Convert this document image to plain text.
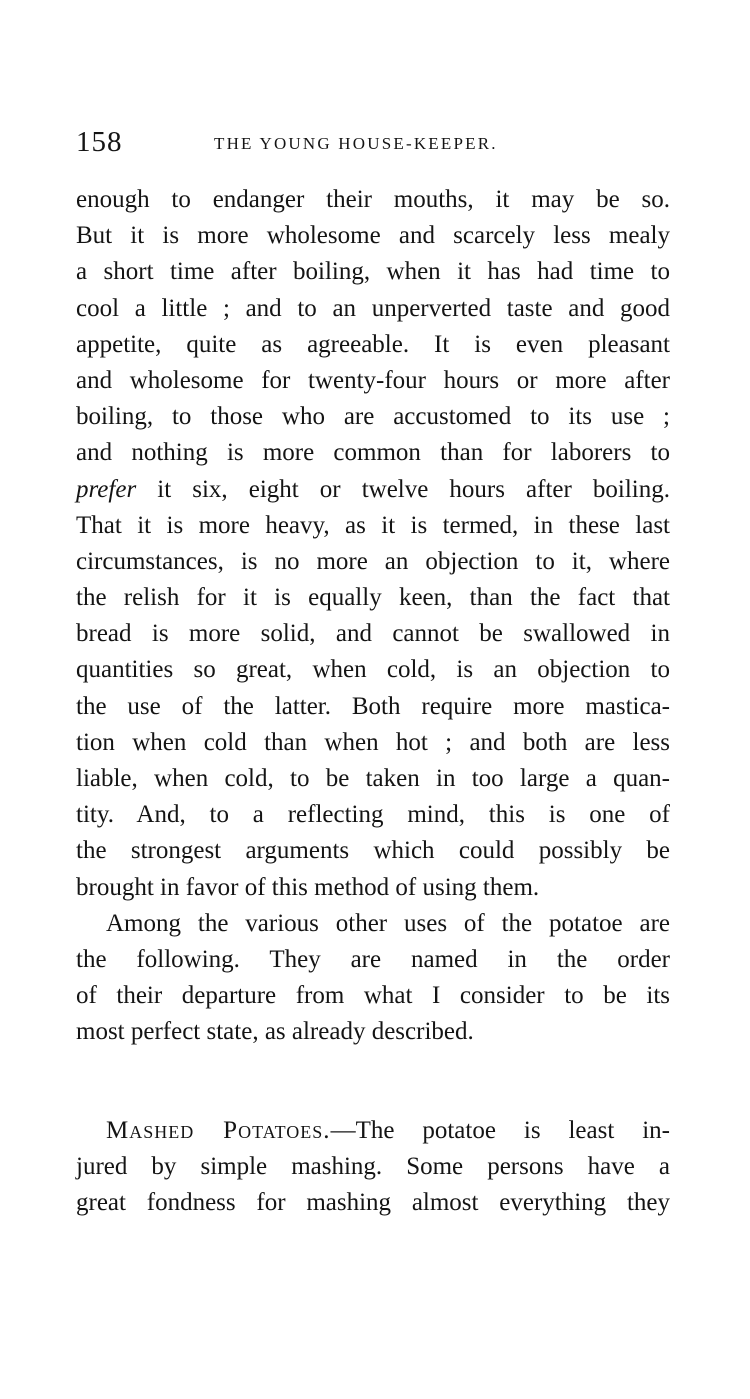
158	THE YOUNG HOUSE-KEEPER.
enough to endanger their mouths, it may be so.
But it is more wholesome and scarcely less mealy
a short time after boiling, when it has had time to
cool a little ; and to an unperverted taste and good
appetite, quite as agreeable. It is even pleasant
and wholesome for twenty-four hours or more after
boiling, to those who are accustomed to its use ;
and nothing is more common than for laborers to
prefer it six, eight or twelve hours after boiling.
That it is more heavy, as it is termed, in these last
circumstances, is no more an objection to it, where
the relish for it is equally keen, than the fact that
bread is more solid, and cannot be swallowed in
quantities so great, when cold, is an objection to
the use of the latter. Both require more mastica-
tion when cold than when hot ; and both are less
liable, when cold, to be taken in too large a quan-
tity. And, to a reflecting mind, this is one of
the strongest arguments which could possibly be
brought in favor of this method of using them.
Among the various other uses of the potatoe are
the following. They are named in the order
of their departure from what I consider to be its
most perfect state, as already described.
Mashed Potatoes.—The potatoe is least in-
jured by simple mashing. Some persons have a
great fondness for mashing almost everything they
